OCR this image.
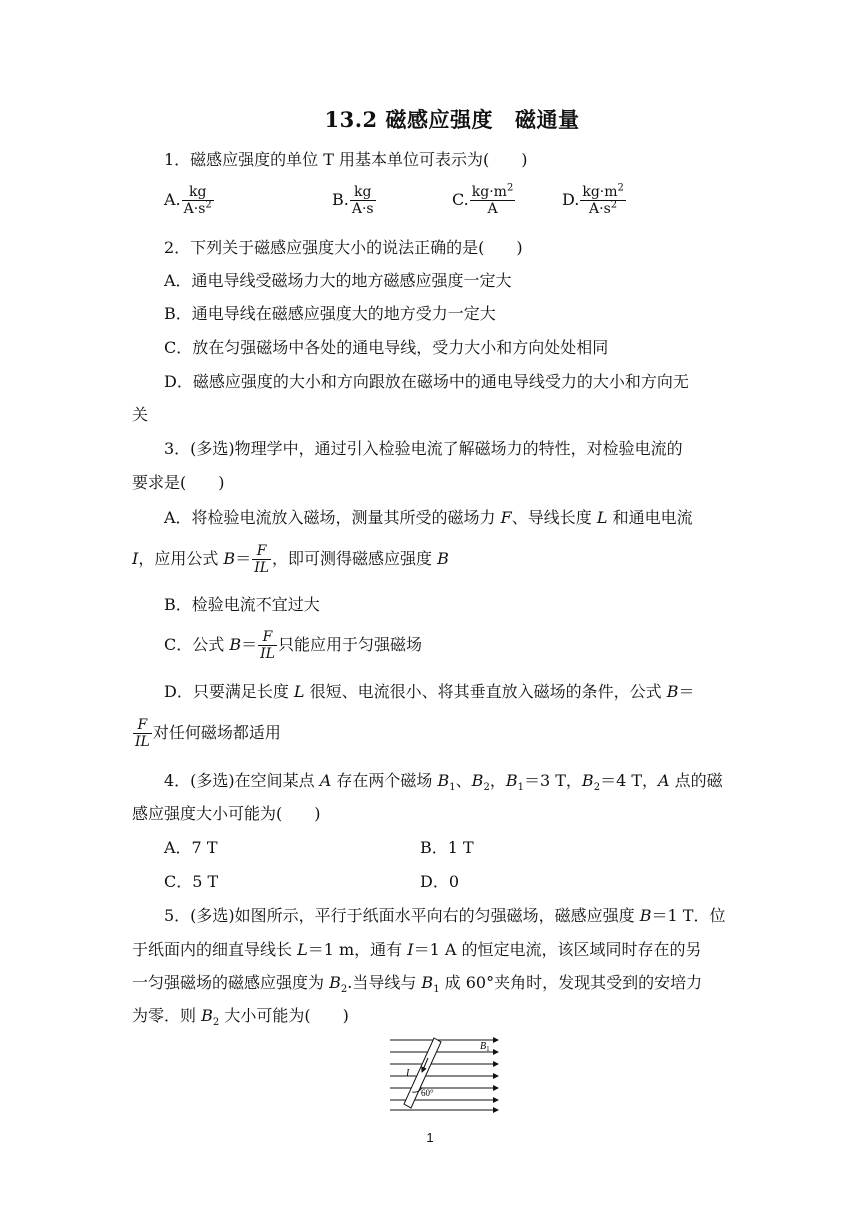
13.2 磁感应强度 磁通量
1．磁感应强度的单位 T 用基本单位可表示为(　　)
A. $\frac{kg}{A\cdot s^2}$	B. $\frac{kg}{A\cdot s}$	C. $\frac{kg\cdot m^2}{A}$	D. $\frac{kg\cdot m^2}{A\cdot s^2}$
2．下列关于磁感应强度大小的说法正确的是(　　)
A．通电导线受磁场力大的地方磁感应强度一定大
B．通电导线在磁感应强度大的地方受力一定大
C．放在匀强磁场中各处的通电导线，受力大小和方向处处相同
D．磁感应强度的大小和方向跟放在磁场中的通电导线受力的大小和方向无
关
3．(多选)物理学中，通过引入检验电流了解磁场力的特性，对检验电流的
要求是(　　)
A．将检验电流放入磁场，测量其所受的磁场力 F、导线长度 L 和通电电流
I，应用公式 $B= \frac{F}{IL}$ ，即可测得磁感应强度 B
B．检验电流不宜过大
C．公式 $B= \frac{F}{IL}$ 只能应用于匀强磁场
D．只要满足长度 L 很短、电流很小、将其垂直放入磁场的条件，公式 B＝
$\frac{F}{IL}$ 对任何磁场都适用
4．(多选)在空间某点 A 存在两个磁场 $B_1$、$B_2$，$B_1=3$ T，$B_2=4$ T，A 点的磁
感应强度大小可能为(　　)
A．7 T	B．1 T
C．5 T	D．0
5．(多选)如图所示，平行于纸面水平向右的匀强磁场，磁感应强度 B＝1 T．位
于纸面内的细直导线长 L＝1 m，通有 I＝1 A 的恒定电流，该区域同时存在的另
一匀强磁场的磁感应强度为 $B_2$.当导线与 $B_1$ 成 60°夹角时，发现其受到的安培力
为零．则 $B_2$ 大小可能为(　　)
I
$B_1$
60°
1
